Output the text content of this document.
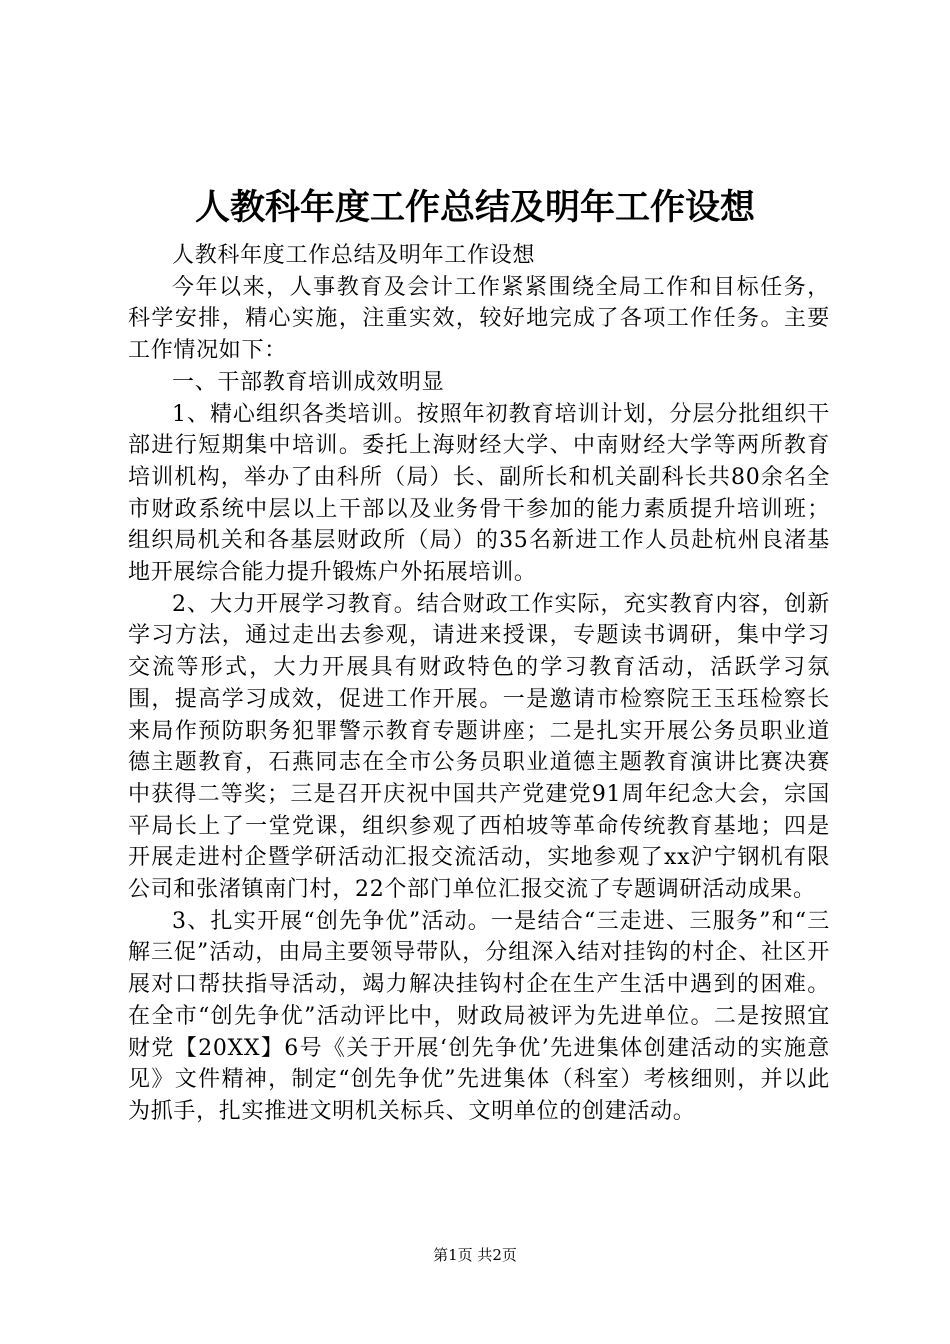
人教科年度工作总结及明年工作设想

人教科年度工作总结及明年工作设想

今年以来，人事教育及会计工作紧紧围绕全局工作和目标任务，科学安排，精心实施，注重实效，较好地完成了各项工作任务。主要工作情况如下：

一、干部教育培训成效明显

1、精心组织各类培训。按照年初教育培训计划，分层分批组织干部进行短期集中培训。委托上海财经大学、中南财经大学等两所教育培训机构，举办了由科所（局）长、副所长和机关副科长共80余名全市财政系统中层以上干部以及业务骨干参加的能力素质提升培训班；组织局机关和各基层财政所（局）的35名新进工作人员赴杭州良渚基地开展综合能力提升锻炼户外拓展培训。

2、大力开展学习教育。结合财政工作实际，充实教育内容，创新学习方法，通过走出去参观，请进来授课，专题读书调研，集中学习交流等形式，大力开展具有财政特色的学习教育活动，活跃学习氛围，提高学习成效，促进工作开展。一是邀请市检察院王玉珏检察长来局作预防职务犯罪警示教育专题讲座；二是扎实开展公务员职业道德主题教育，石燕同志在全市公务员职业道德主题教育演讲比赛决赛中获得二等奖；三是召开庆祝中国共产党建党91周年纪念大会，宗国平局长上了一堂党课，组织参观了西柏坡等革命传统教育基地；四是开展走进村企暨学研活动汇报交流活动，实地参观了xx沪宁钢机有限公司和张渚镇南门村，22个部门单位汇报交流了专题调研活动成果。

3、扎实开展“创先争优”活动。一是结合“三走进、三服务”和“三解三促”活动，由局主要领导带队，分组深入结对挂钩的村企、社区开展对口帮扶指导活动，竭力解决挂钩村企在生产生活中遇到的困难。在全市“创先争优”活动评比中，财政局被评为先进单位。二是按照宜财党【20XX】6号《关于开展‘创先争优’先进集体创建活动的实施意见》文件精神，制定“创先争优”先进集体（科室）考核细则，并以此为抓手，扎实推进文明机关标兵、文明单位的创建活动。

第1页 共2页
